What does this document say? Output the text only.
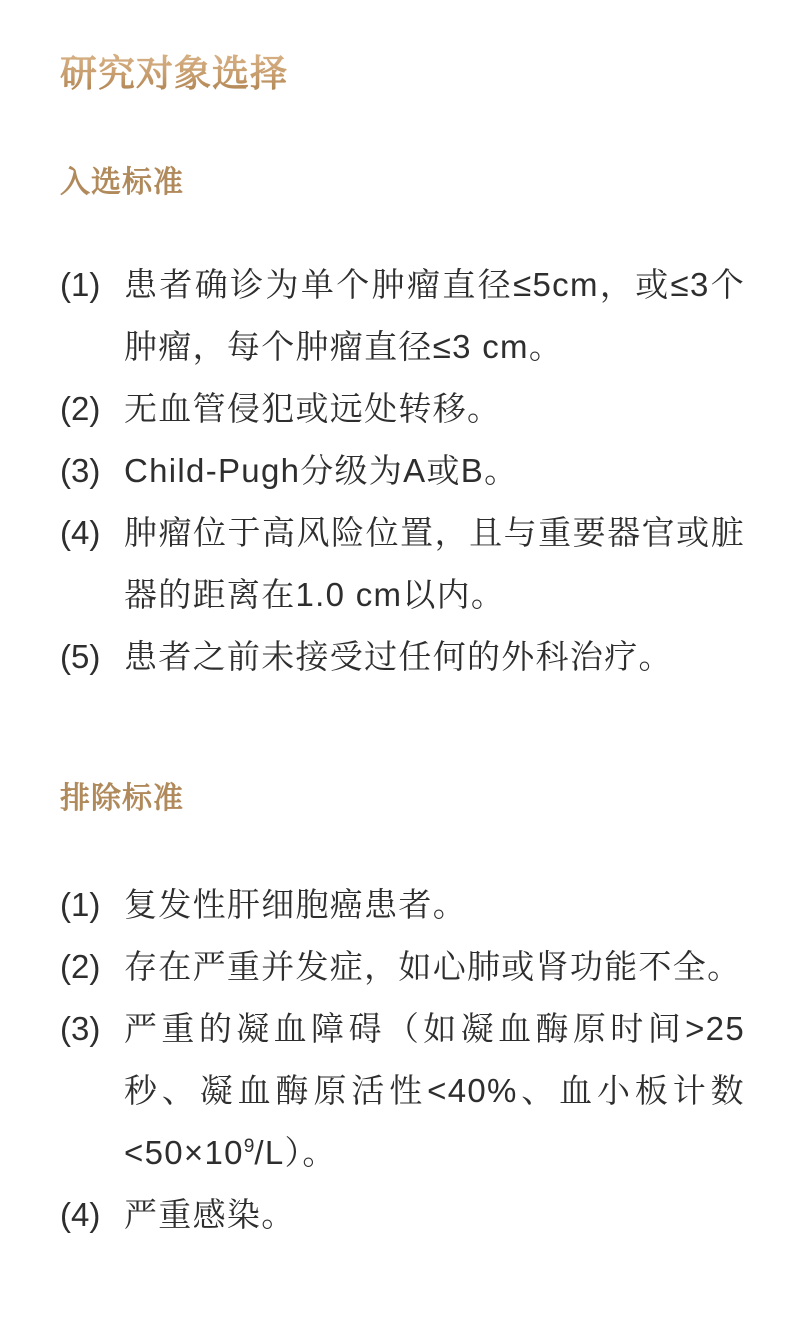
研究对象选择
入选标准
(1) 患者确诊为单个肿瘤直径≤5cm，或≤3个肿瘤，每个肿瘤直径≤3 cm。
(2) 无血管侵犯或远处转移。
(3) Child-Pugh分级为A或B。
(4) 肿瘤位于高风险位置，且与重要器官或脏器的距离在1.0 cm以内。
(5) 患者之前未接受过任何的外科治疗。
排除标准
(1) 复发性肝细胞癌患者。
(2) 存在严重并发症，如心肺或肾功能不全。
(3) 严重的凝血障碍（如凝血酶原时间>25秒、凝血酶原活性<40%、血小板计数$<50\times 10^9/L$）。
(4) 严重感染。
